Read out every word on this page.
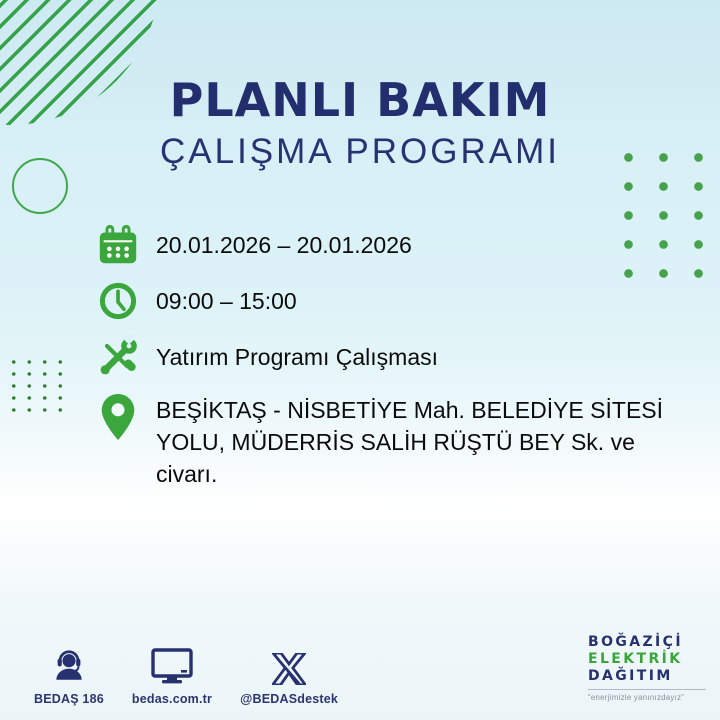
PLANLI BAKIM
ÇALIŞMA PROGRAMI
20.01.2026 – 20.01.2026
09:00 – 15:00
Yatırım Programı Çalışması
BEŞİKTAŞ - NİSBETİYE Mah. BELEDİYE SİTESİ YOLU, MÜDERRİS SALİH RÜŞTÜ BEY Sk. ve civarı.
BEDAŞ 186 bedas.com.tr @BEDASdestek
BOĞAZİÇİ
ELEKTRİK
DAĞITIM
“enerjimizle yanınızdayız”
